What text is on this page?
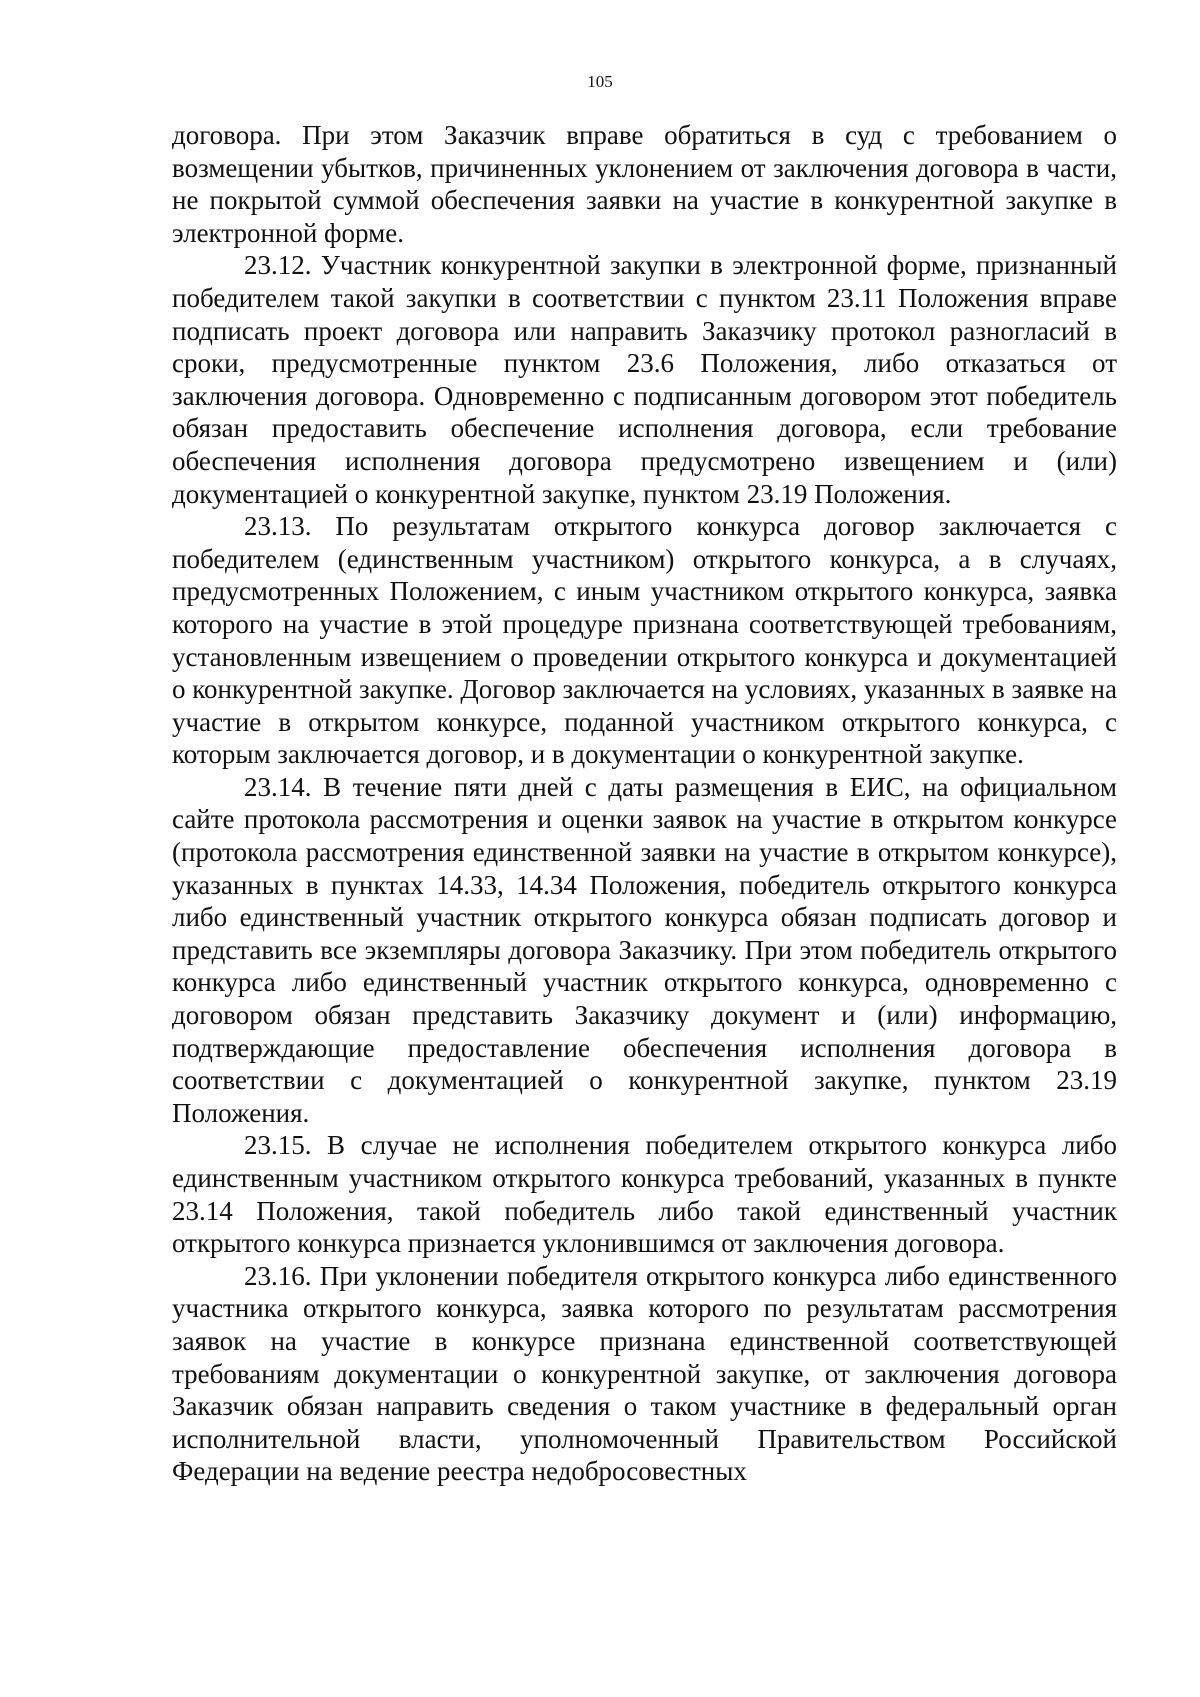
105

договора. При этом Заказчик вправе обратиться в суд с требованием о возмещении убытков, причиненных уклонением от заключения договора в части, не покрытой суммой обеспечения заявки на участие в конкурентной закупке в электронной форме.

23.12. Участник конкурентной закупки в электронной форме, признанный победителем такой закупки в соответствии с пунктом 23.11 Положения вправе подписать проект договора или направить Заказчику протокол разногласий в сроки, предусмотренные пунктом 23.6 Положения, либо отказаться от заключения договора. Одновременно с подписанным договором этот победитель обязан предоставить обеспечение исполнения договора, если требование обеспечения исполнения договора предусмотрено извещением и (или) документацией о конкурентной закупке, пунктом 23.19 Положения.

23.13. По результатам открытого конкурса договор заключается с победителем (единственным участником) открытого конкурса, а в случаях, предусмотренных Положением, с иным участником открытого конкурса, заявка которого на участие в этой процедуре признана соответствующей требованиям, установленным извещением о проведении открытого конкурса и документацией о конкурентной закупке. Договор заключается на условиях, указанных в заявке на участие в открытом конкурсе, поданной участником открытого конкурса, с которым заключается договор, и в документации о конкурентной закупке.

23.14. В течение пяти дней с даты размещения в ЕИС, на официальном сайте протокола рассмотрения и оценки заявок на участие в открытом конкурсе (протокола рассмотрения единственной заявки на участие в открытом конкурсе), указанных в пунктах 14.33, 14.34 Положения, победитель открытого конкурса либо единственный участник открытого конкурса обязан подписать договор и представить все экземпляры договора Заказчику. При этом победитель открытого конкурса либо единственный участник открытого конкурса, одновременно с договором обязан представить Заказчику документ и (или) информацию, подтверждающие предоставление обеспечения исполнения договора в соответствии с документацией о конкурентной закупке, пунктом 23.19 Положения.

23.15. В случае не исполнения победителем открытого конкурса либо единственным участником открытого конкурса требований, указанных в пункте 23.14 Положения, такой победитель либо такой единственный участник открытого конкурса признается уклонившимся от заключения договора.

23.16. При уклонении победителя открытого конкурса либо единственного участника открытого конкурса, заявка которого по результатам рассмотрения заявок на участие в конкурсе признана единственной соответствующей требованиям документации о конкурентной закупке, от заключения договора Заказчик обязан направить сведения о таком участнике в федеральный орган исполнительной власти, уполномоченный Правительством Российской Федерации на ведение реестра недобросовестных
